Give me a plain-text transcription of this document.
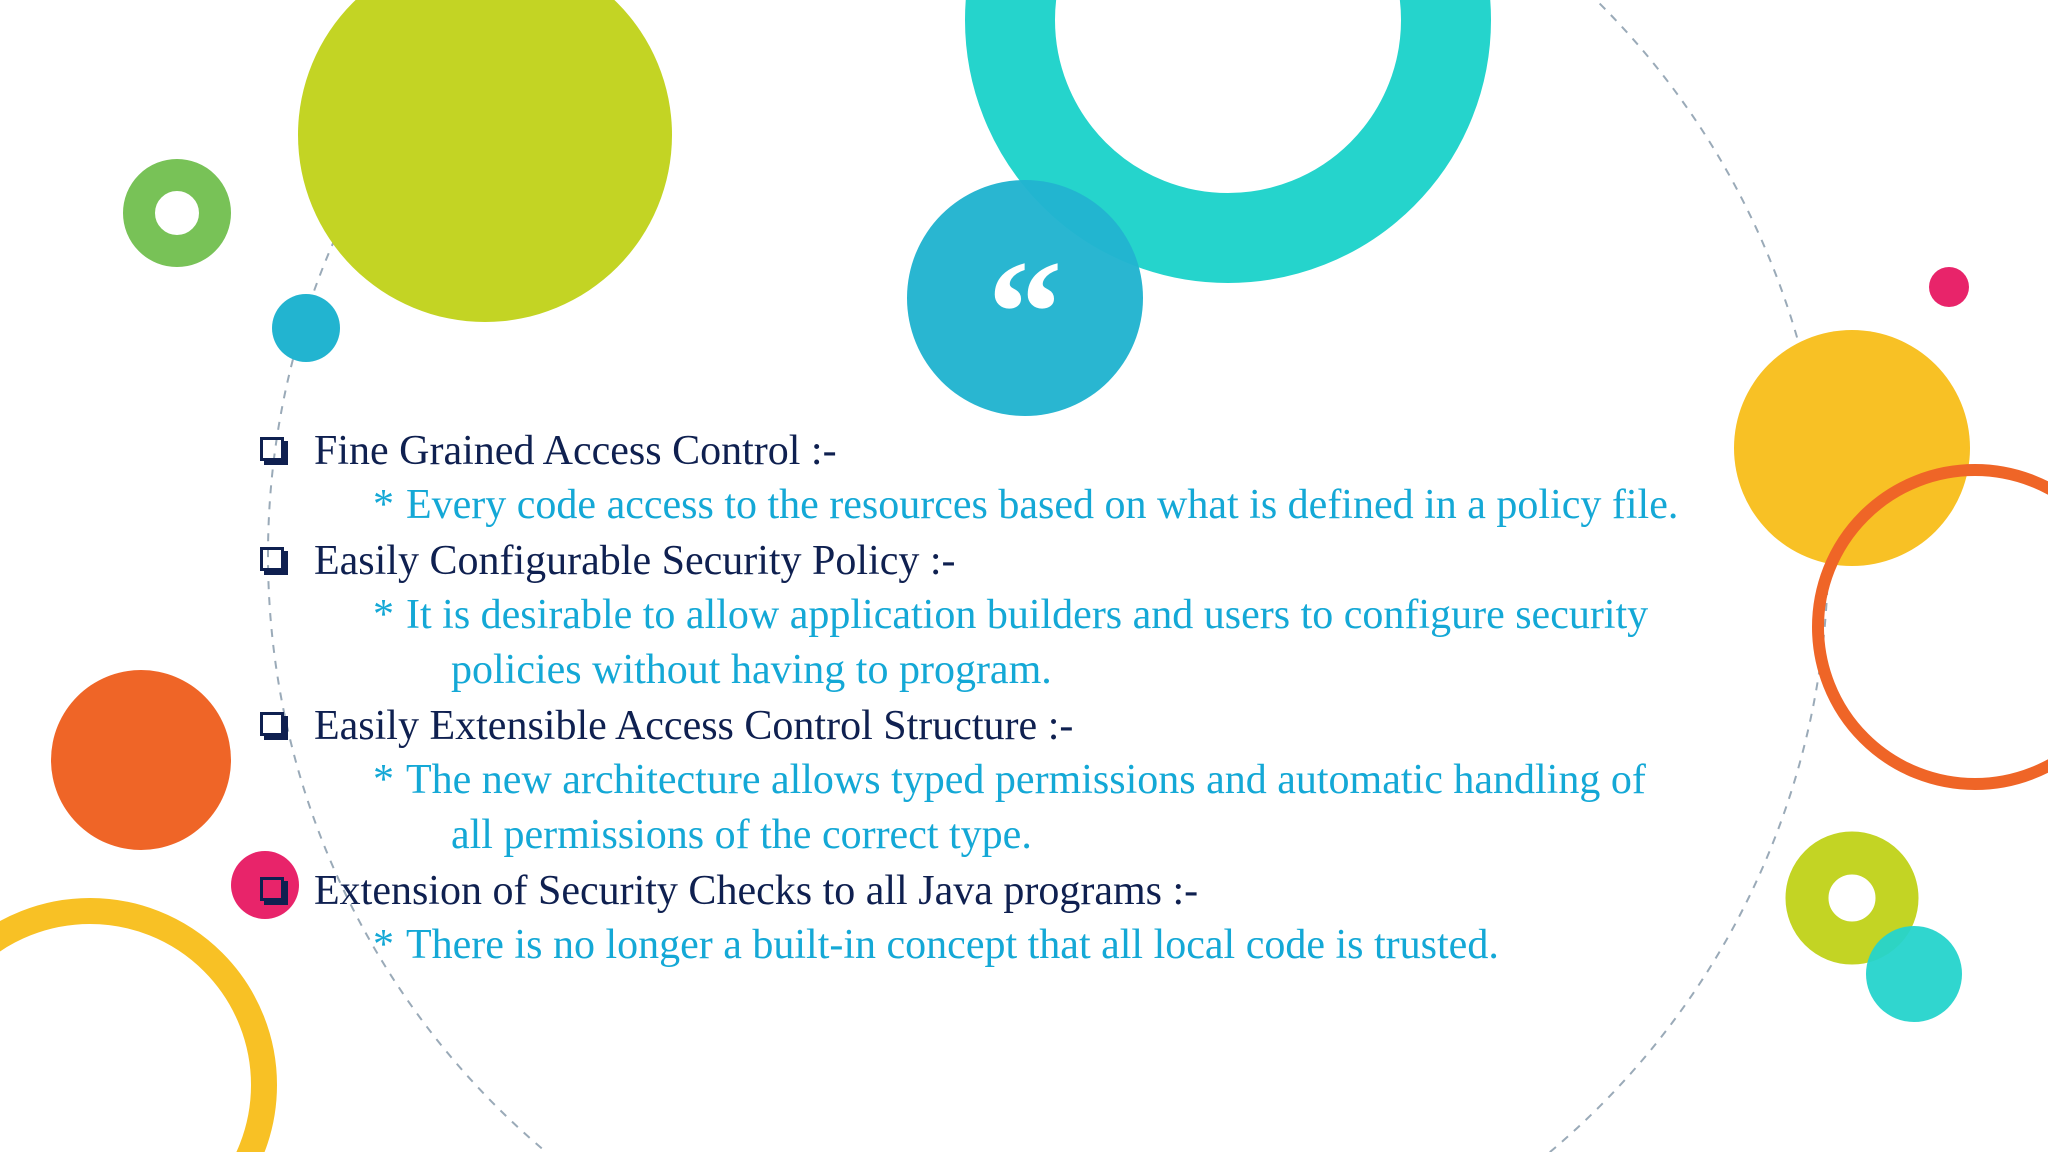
“
Fine Grained Access Control :-

* Every code access to the resources based on what is defined in a policy file.

Easily Configurable Security Policy :-

* It is desirable to allow application builders and users to configure security
policies without having to program.

Easily Extensible Access Control Structure :-

* The new architecture allows typed permissions and automatic handling of
all permissions of the correct type.

Extension of Security Checks to all Java programs :-

* There is no longer a built-in concept that all local code is trusted.
